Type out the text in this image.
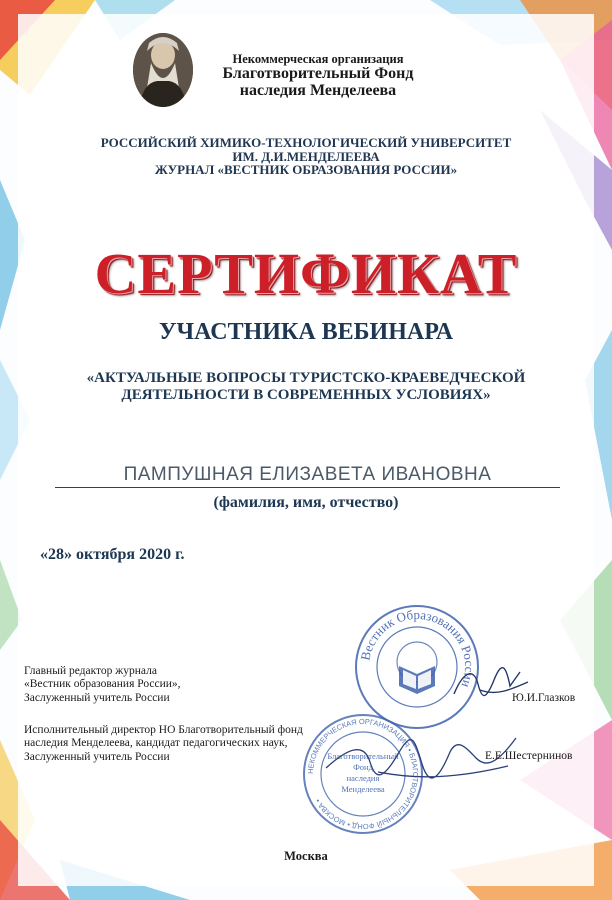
Некоммерческая организация
Благотворительный Фонд
наследия Менделеева
РОССИЙСКИЙ ХИМИКО-ТЕХНОЛОГИЧЕСКИЙ УНИВЕРСИТЕТ
ИМ. Д.И.МЕНДЕЛЕЕВА
ЖУРНАЛ «ВЕСТНИК ОБРАЗОВАНИЯ РОССИИ»
СЕРТИФИКАТ
УЧАСТНИКА ВЕБИНАРА
«АКТУАЛЬНЫЕ ВОПРОСЫ ТУРИСТСКО-КРАЕВЕДЧЕСКОЙ
ДЕЯТЕЛЬНОСТИ В СОВРЕМЕННЫХ УСЛОВИЯХ»
ПАМПУШНАЯ ЕЛИЗАВЕТА ИВАНОВНА
(фамилия, имя, отчество)
«28» октября 2020 г.
Вестник Образования России
НЕКОММЕРЧЕСКАЯ ОРГАНИЗАЦИЯ • БЛАГОТВОРИТЕЛЬНЫЙ ФОНД • МОСКВА •
Благотворительный
Фонд
наследия
Менделеева
Главный редактор журнала
«Вестник образования России»,
Заслуженный учитель России	Ю.И.Глазков
Исполнительный директор НО Благотворительный фонд
наследия Менделеева, кандидат педагогических наук,
Заслуженный учитель России	Е.Е.Шестернинов
Москва
